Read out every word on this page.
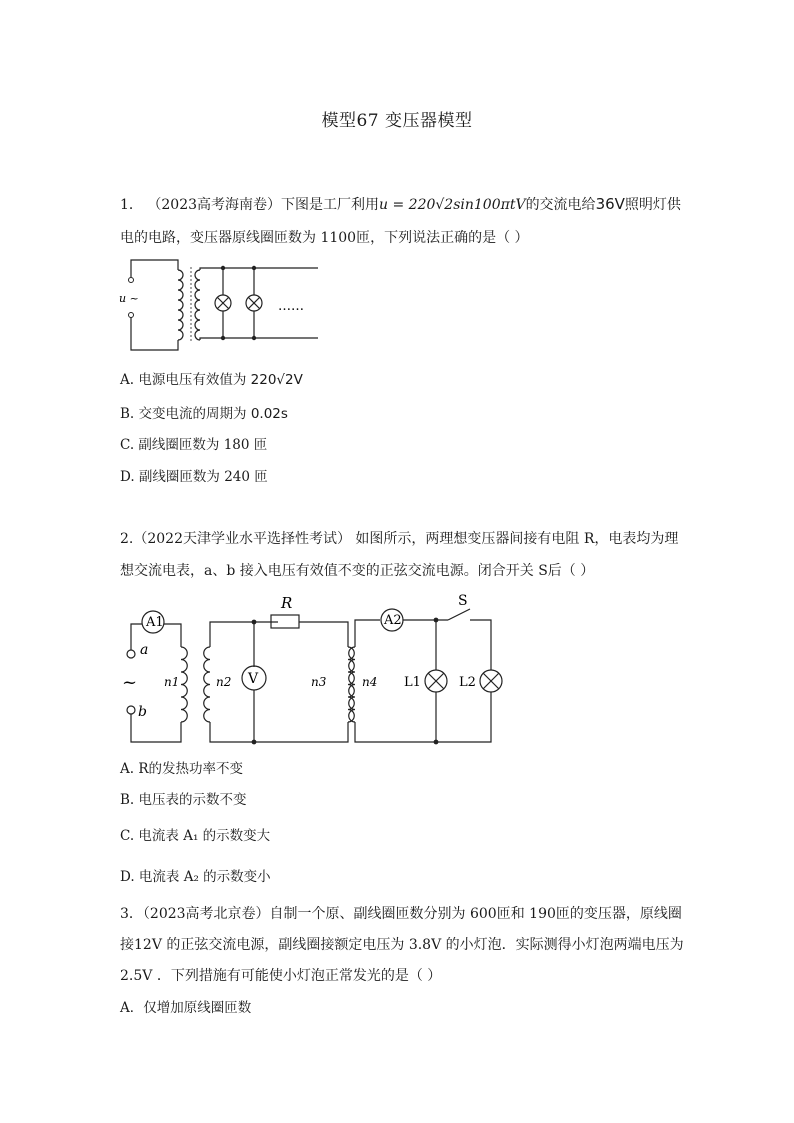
模型67 变压器模型
1． （2023高考海南卷）下图是工厂利用u = 220√2sin100πtV的交流电给36V照明灯供
电的电路，变压器原线圈匝数为 1100匝，下列说法正确的是（ ）
u ~
……
A. 电源电压有效值为 220√2V
B. 交变电流的周期为 0.02s
C. 副线圈匝数为 180 匝
D. 副线圈匝数为 240 匝
2.（2022天津学业水平选择性考试） 如图所示，两理想变压器间接有电阻 R，电表均为理
想交流电表，a、b 接入电压有效值不变的正弦交流电源。闭合开关 S后（ ）
A1	A2
R
V
S
a
b
~ n1	n2	n3	n4 L1	L2
A. R的发热功率不变
B. 电压表的示数不变
C. 电流表 A₁ 的示数变大
D. 电流表 A₂ 的示数变小
3．（2023高考北京卷）自制一个原、副线圈匝数分别为 600匝和 190匝的变压器，原线圈
接12V 的正弦交流电源，副线圈接额定电压为 3.8V 的小灯泡．实际测得小灯泡两端电压为
2.5V ．下列措施有可能使小灯泡正常发光的是（ ）
A．仅增加原线圈匝数
